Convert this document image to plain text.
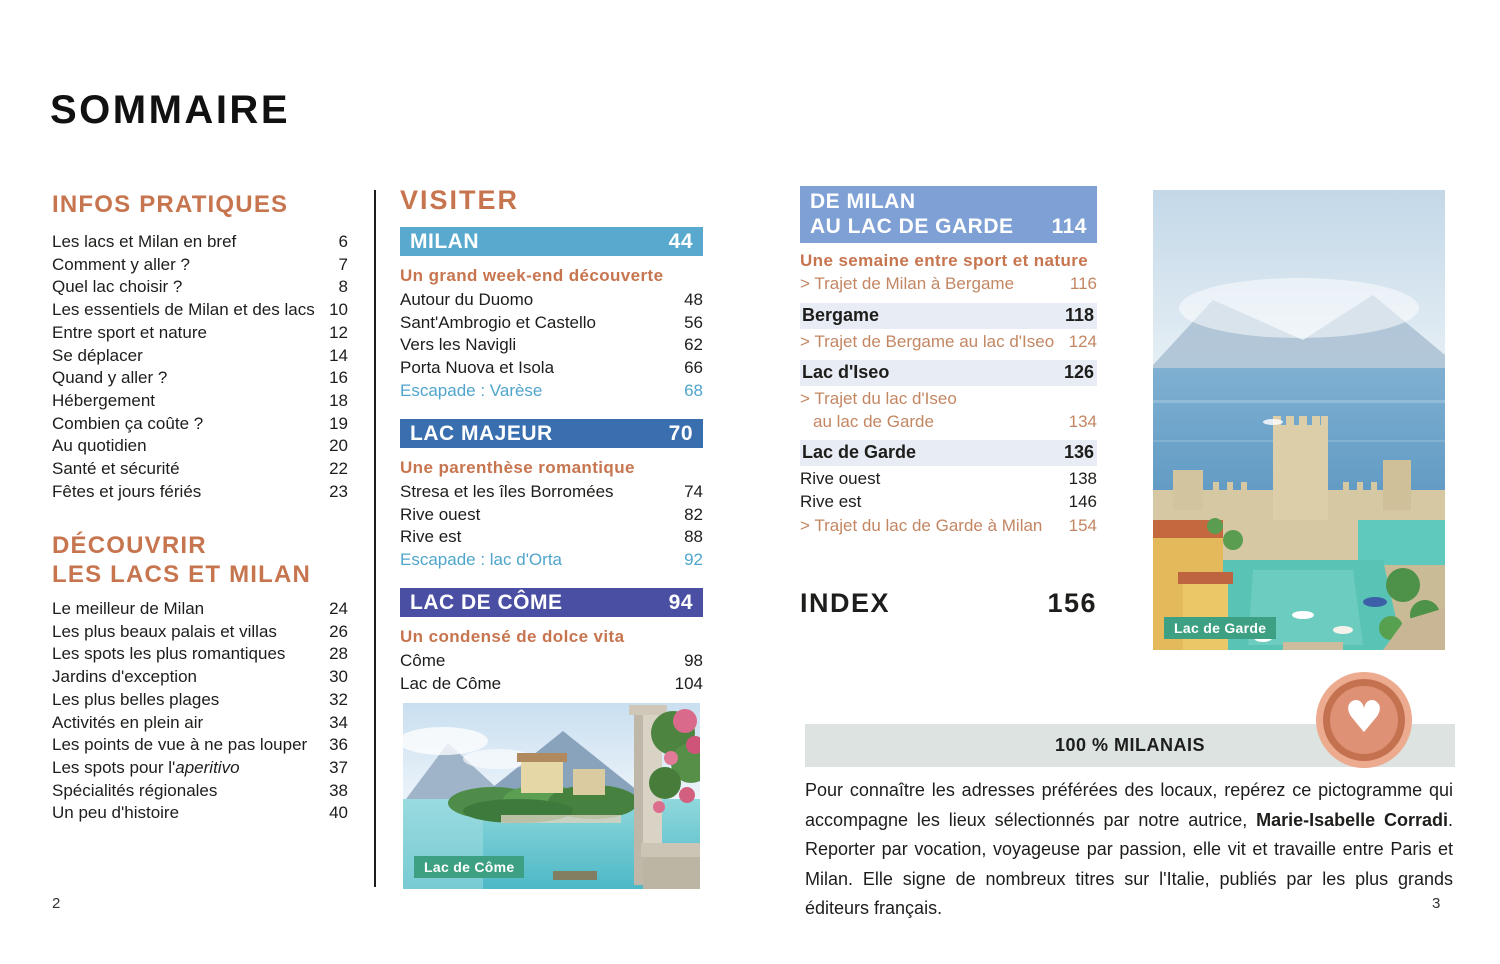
SOMMAIRE
INFOS PRATIQUES
Les lacs et Milan en bref	6
Comment y aller ?	7
Quel lac choisir ?	8
Les essentiels de Milan et des lacs 10
Entre sport et nature	12
Se déplacer	14
Quand y aller ?	16
Hébergement	18
Combien ça coûte ?	19
Au quotidien	20
Santé et sécurité	22
Fêtes et jours fériés	23
DÉCOUVRIR
LES LACS ET MILAN
Le meilleur de Milan	24
Les plus beaux palais et villas	26
Les spots les plus romantiques	28
Jardins d'exception	30
Les plus belles plages	32
Activités en plein air	34
Les points de vue à ne pas louper	36
Les spots pour l'aperitivo	37
Spécialités régionales	38
Un peu d'histoire	40
VISITER
MILAN	44
Un grand week-end découverte
Autour du Duomo	48
Sant'Ambrogio et Castello	56
Vers les Navigli	62
Porta Nuova et Isola	66
Escapade : Varèse	68
LAC MAJEUR	70
Une parenthèse romantique
Stresa et les îles Borromées	74
Rive ouest	82
Rive est	88
Escapade : lac d'Orta	92
LAC DE CÔME	94
Un condensé de dolce vita
Côme	98
Lac de Côme	104
Lac de Côme
DE MILAN
AU LAC DE GARDE 114
Une semaine entre sport et nature
> Trajet de Milan à Bergame	116
Bergame	118
> Trajet de Bergame au lac d'Iseo 124
Lac d'Iseo	126
> Trajet du lac d'Iseo
au lac de Garde	134
Lac de Garde	136
Rive ouest	138
Rive est	146
> Trajet du lac de Garde à Milan 154
INDEX	156
Lac de Garde
♥
100 % MILANAIS

Pour connaître les adresses préférées des locaux, repérez ce pictogramme qui accompagne les lieux sélectionnés par notre autrice, Marie-Isabelle Corradi. Reporter par vocation, voyageuse par passion, elle vit et travaille entre Paris et Milan. Elle signe de nombreux titres sur l'Italie, publiés par les plus grands éditeurs français.

2	3
